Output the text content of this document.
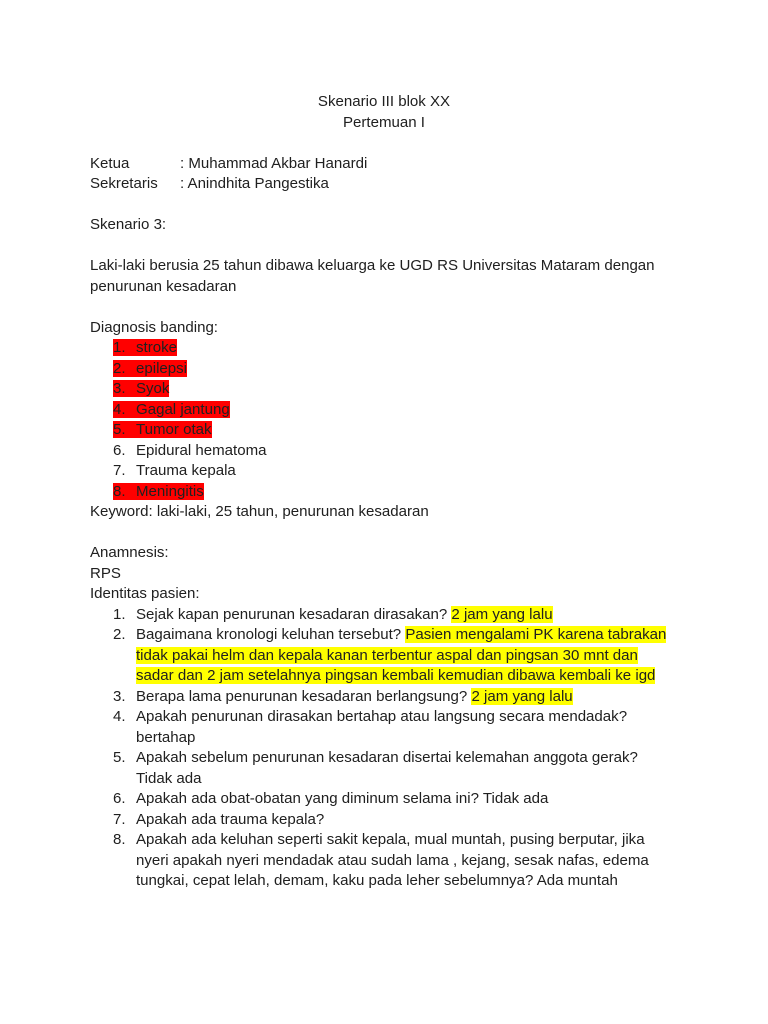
Skenario III blok XX
Pertemuan I
Ketua	: Muhammad Akbar Hanardi
Sekretaris : Anindhita Pangestika
Skenario 3:
Laki-laki berusia 25 tahun dibawa keluarga ke UGD RS Universitas Mataram dengan penurunan kesadaran
Diagnosis banding:
1. stroke
2. epilepsi
3. Syok
4. Gagal jantung
5. Tumor otak
6. Epidural hematoma
7. Trauma kepala
8. Meningitis
Keyword: laki-laki, 25 tahun, penurunan kesadaran
Anamnesis:
RPS
Identitas pasien:
1. Sejak kapan penurunan kesadaran dirasakan? 2 jam yang lalu
2. Bagaimana kronologi keluhan tersebut? Pasien mengalami PK karena tabrakan tidak pakai helm dan kepala kanan terbentur aspal dan pingsan 30 mnt dan sadar dan 2 jam setelahnya pingsan kembali kemudian dibawa kembali ke igd
3. Berapa lama penurunan kesadaran berlangsung? 2 jam yang lalu
4. Apakah penurunan dirasakan bertahap atau langsung secara mendadak? bertahap
5. Apakah sebelum penurunan kesadaran disertai kelemahan anggota gerak? Tidak ada
6. Apakah ada obat-obatan yang diminum selama ini? Tidak ada
7. Apakah ada trauma kepala?
8. Apakah ada keluhan seperti sakit kepala, mual muntah, pusing berputar, jika nyeri apakah nyeri mendadak atau sudah lama , kejang, sesak nafas, edema tungkai, cepat lelah, demam, kaku pada leher sebelumnya? Ada muntah
